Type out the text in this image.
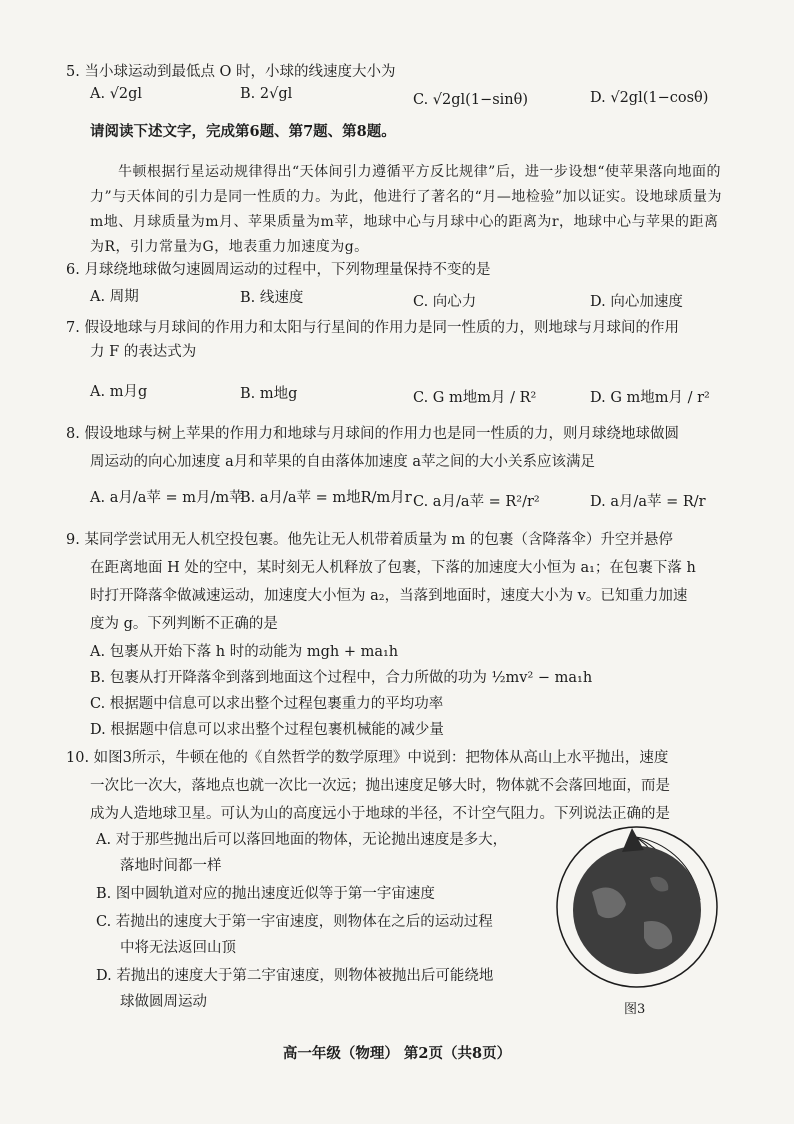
5. 当小球运动到最低点 O 时，小球的线速度大小为
A. √2gl	B. 2√gl	C. √2gl(1−sinθ)	D. √2gl(1−cosθ)
请阅读下述文字，完成第6题、第7题、第8题。
牛顿根据行星运动规律得出“天体间引力遵循平方反比规律”后，进一步设想“使苹果落向地面的力”与天体间的引力是同一性质的力。为此，他进行了著名的“月—地检验”加以证实。设地球质量为m地、月球质量为m月、苹果质量为m苹，地球中心与月球中心的距离为r，地球中心与苹果的距离为R，引力常量为G，地表重力加速度为g。
6. 月球绕地球做匀速圆周运动的过程中，下列物理量保持不变的是
A. 周期	B. 线速度	C. 向心力	D. 向心加速度
7. 假设地球与月球间的作用力和太阳与行星间的作用力是同一性质的力，则地球与月球间的作用
力 F 的表达式为
A. m月g	B. m地g	C. G m地m月 / R²	D. G m地m月 / r²
8. 假设地球与树上苹果的作用力和地球与月球间的作用力也是同一性质的力，则月球绕地球做圆
周运动的向心加速度 a月和苹果的自由落体加速度 a苹之间的大小关系应该满足
A. a月/a苹 = m月/m苹
B. a月/a苹 = m地R/m月r C. a月/a苹 = R²/r²	D. a月/a苹 = R/r
9. 某同学尝试用无人机空投包裹。他先让无人机带着质量为 m 的包裹（含降落伞）升空并悬停
在距离地面 H 处的空中，某时刻无人机释放了包裹，下落的加速度大小恒为 a₁；在包裹下落 h
时打开降落伞做减速运动，加速度大小恒为 a₂，当落到地面时，速度大小为 v。已知重力加速
度为 g。下列判断不正确的是
A. 包裹从开始下落 h 时的动能为 mgh + ma₁h
B. 包裹从打开降落伞到落到地面这个过程中，合力所做的功为 ½mv² − ma₁h
C. 根据题中信息可以求出整个过程包裹重力的平均功率
D. 根据题中信息可以求出整个过程包裹机械能的减少量
10. 如图3所示，牛顿在他的《自然哲学的数学原理》中说到：把物体从高山上水平抛出，速度
一次比一次大，落地点也就一次比一次远；抛出速度足够大时，物体就不会落回地面，而是
成为人造地球卫星。可认为山的高度远小于地球的半径，不计空气阻力。下列说法正确的是
A. 对于那些抛出后可以落回地面的物体，无论抛出速度是多大，
落地时间都一样
B. 图中圆轨道对应的抛出速度近似等于第一宇宙速度
C. 若抛出的速度大于第一宇宙速度，则物体在之后的运动过程
中将无法返回山顶
D. 若抛出的速度大于第二宇宙速度，则物体被抛出后可能绕地
球做圆周运动	图3
高一年级（物理） 第2页（共8页）
